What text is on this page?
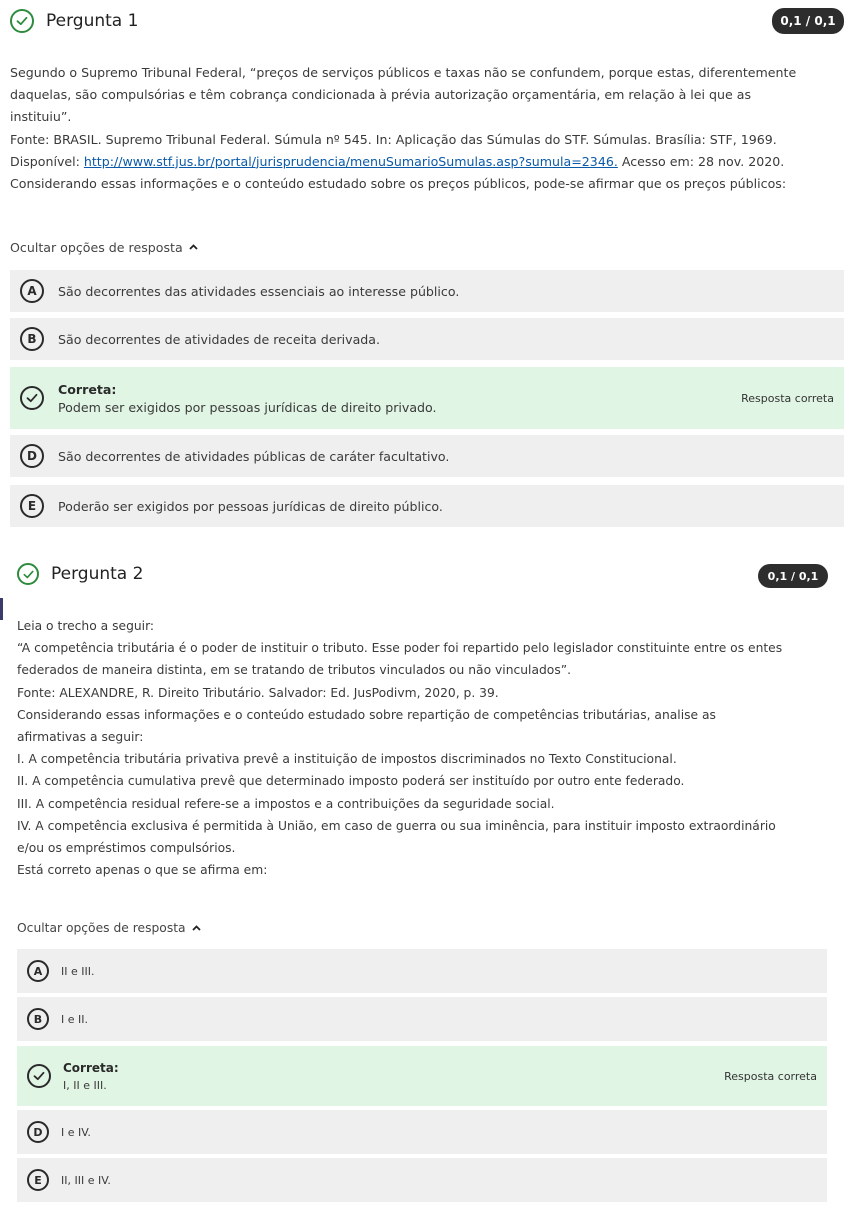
Pergunta 1	0,1 / 0,1
Segundo o Supremo Tribunal Federal, “preços de serviços públicos e taxas não se confundem, porque estas, diferentemente
daquelas, são compulsórias e têm cobrança condicionada à prévia autorização orçamentária, em relação à lei que as
instituiu”.
Fonte: BRASIL. Supremo Tribunal Federal. Súmula nº 545. In: Aplicação das Súmulas do STF. Súmulas. Brasília: STF, 1969.
Disponível: http://www.stf.jus.br/portal/jurisprudencia/menuSumarioSumulas.asp?sumula=2346. Acesso em: 28 nov. 2020.
Considerando essas informações e o conteúdo estudado sobre os preços públicos, pode-se afirmar que os preços públicos:
Ocultar opções de resposta
A	São decorrentes das atividades essenciais ao interesse público.
B	São decorrentes de atividades de receita derivada.
Correta:
Podem ser exigidos por pessoas jurídicas de direito privado.
Resposta correta
D	São decorrentes de atividades públicas de caráter facultativo.
E	Poderão ser exigidos por pessoas jurídicas de direito público.
Pergunta 2	0,1 / 0,1
Leia o trecho a seguir:
“A competência tributária é o poder de instituir o tributo. Esse poder foi repartido pelo legislador constituinte entre os entes
federados de maneira distinta, em se tratando de tributos vinculados ou não vinculados”.
Fonte: ALEXANDRE, R. Direito Tributário. Salvador: Ed. JusPodivm, 2020, p. 39.
Considerando essas informações e o conteúdo estudado sobre repartição de competências tributárias, analise as
afirmativas a seguir:
I. A competência tributária privativa prevê a instituição de impostos discriminados no Texto Constitucional.
II. A competência cumulativa prevê que determinado imposto poderá ser instituído por outro ente federado.
III. A competência residual refere-se a impostos e a contribuições da seguridade social.
IV. A competência exclusiva é permitida à União, em caso de guerra ou sua iminência, para instituir imposto extraordinário
e/ou os empréstimos compulsórios.
Está correto apenas o que se afirma em:
Ocultar opções de resposta
A	II e III.
B	I e II.
Correta:
I, II e III.
Resposta correta
D	I e IV.
E	II, III e IV.
